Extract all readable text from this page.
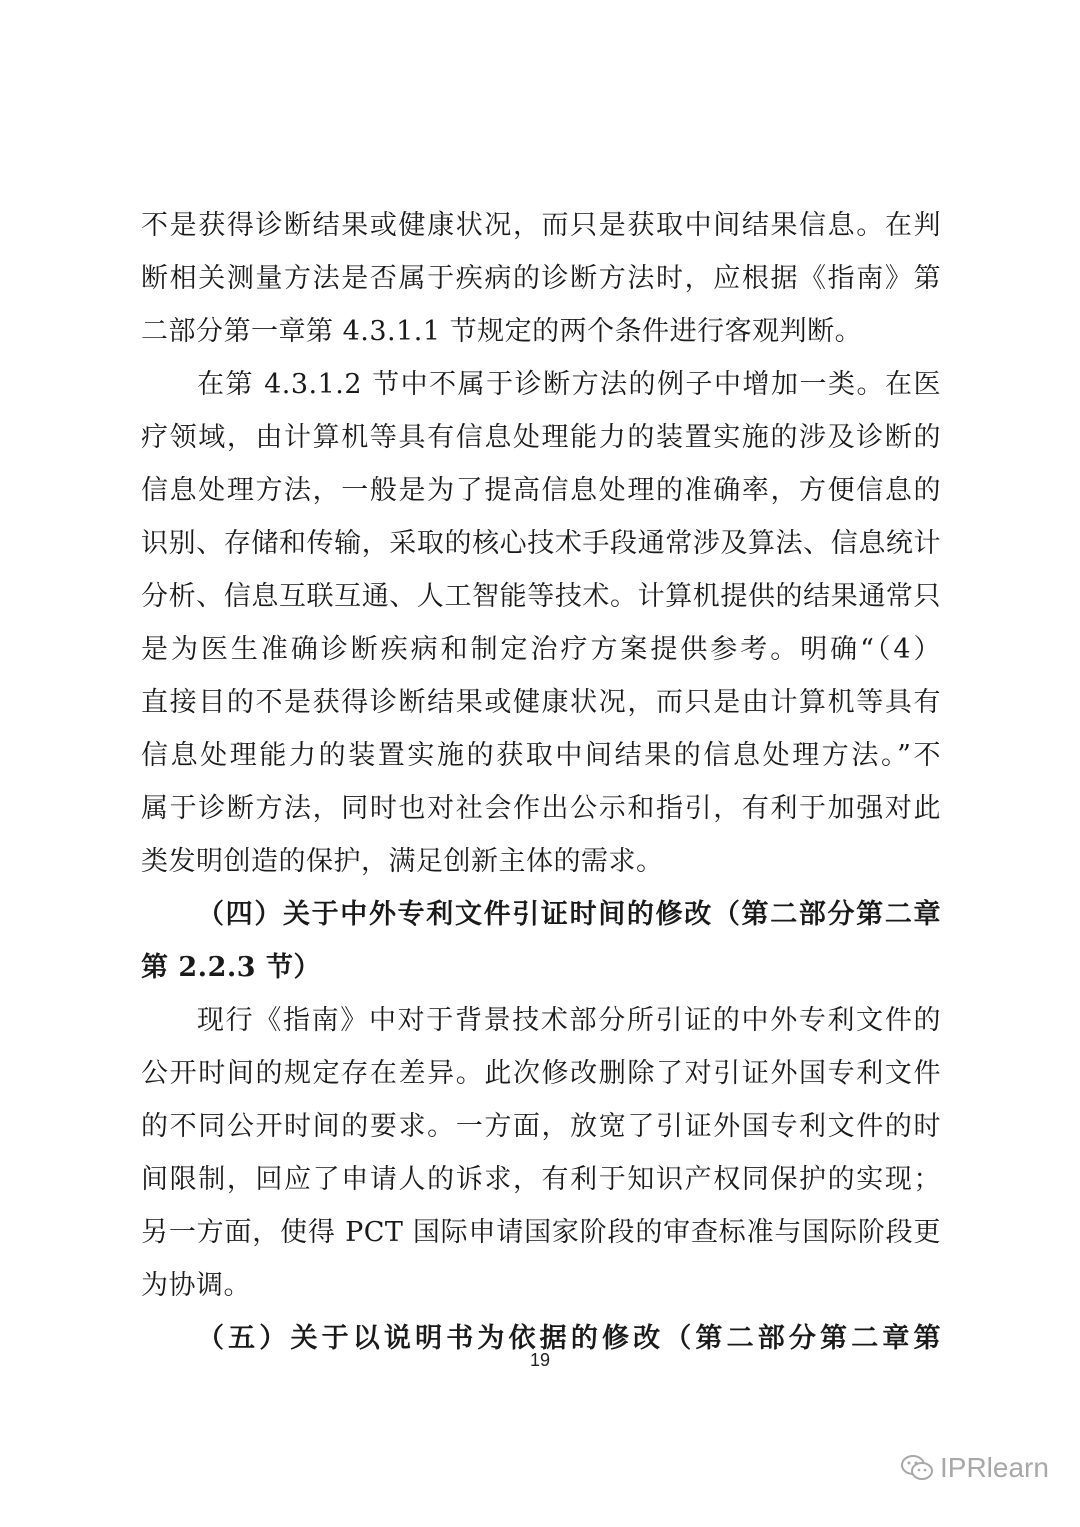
不是获得诊断结果或健康状况，而只是获取中间结果信息。在判
断相关测量方法是否属于疾病的诊断方法时，应根据《指南》第
二部分第一章第 4.3.1.1 节规定的两个条件进行客观判断。
在第 4.3.1.2 节中不属于诊断方法的例子中增加一类。在医
疗领域，由计算机等具有信息处理能力的装置实施的涉及诊断的
信息处理方法，一般是为了提高信息处理的准确率，方便信息的
识别、存储和传输，采取的核心技术手段通常涉及算法、信息统计
分析、信息互联互通、人工智能等技术。计算机提供的结果通常只
是为医生准确诊断疾病和制定治疗方案提供参考。明确“（4）
直接目的不是获得诊断结果或健康状况，而只是由计算机等具有
信息处理能力的装置实施的获取中间结果的信息处理方法。”不
属于诊断方法，同时也对社会作出公示和指引，有利于加强对此
类发明创造的保护，满足创新主体的需求。
（四）关于中外专利文件引证时间的修改（第二部分第二章
第 2.2.3 节）
现行《指南》中对于背景技术部分所引证的中外专利文件的
公开时间的规定存在差异。此次修改删除了对引证外国专利文件
的不同公开时间的要求。一方面，放宽了引证外国专利文件的时
间限制，回应了申请人的诉求，有利于知识产权同保护的实现；
另一方面，使得 PCT 国际申请国家阶段的审查标准与国际阶段更
为协调。
（五）关于以说明书为依据的修改（第二部分第二章第
19
IPRlearn
